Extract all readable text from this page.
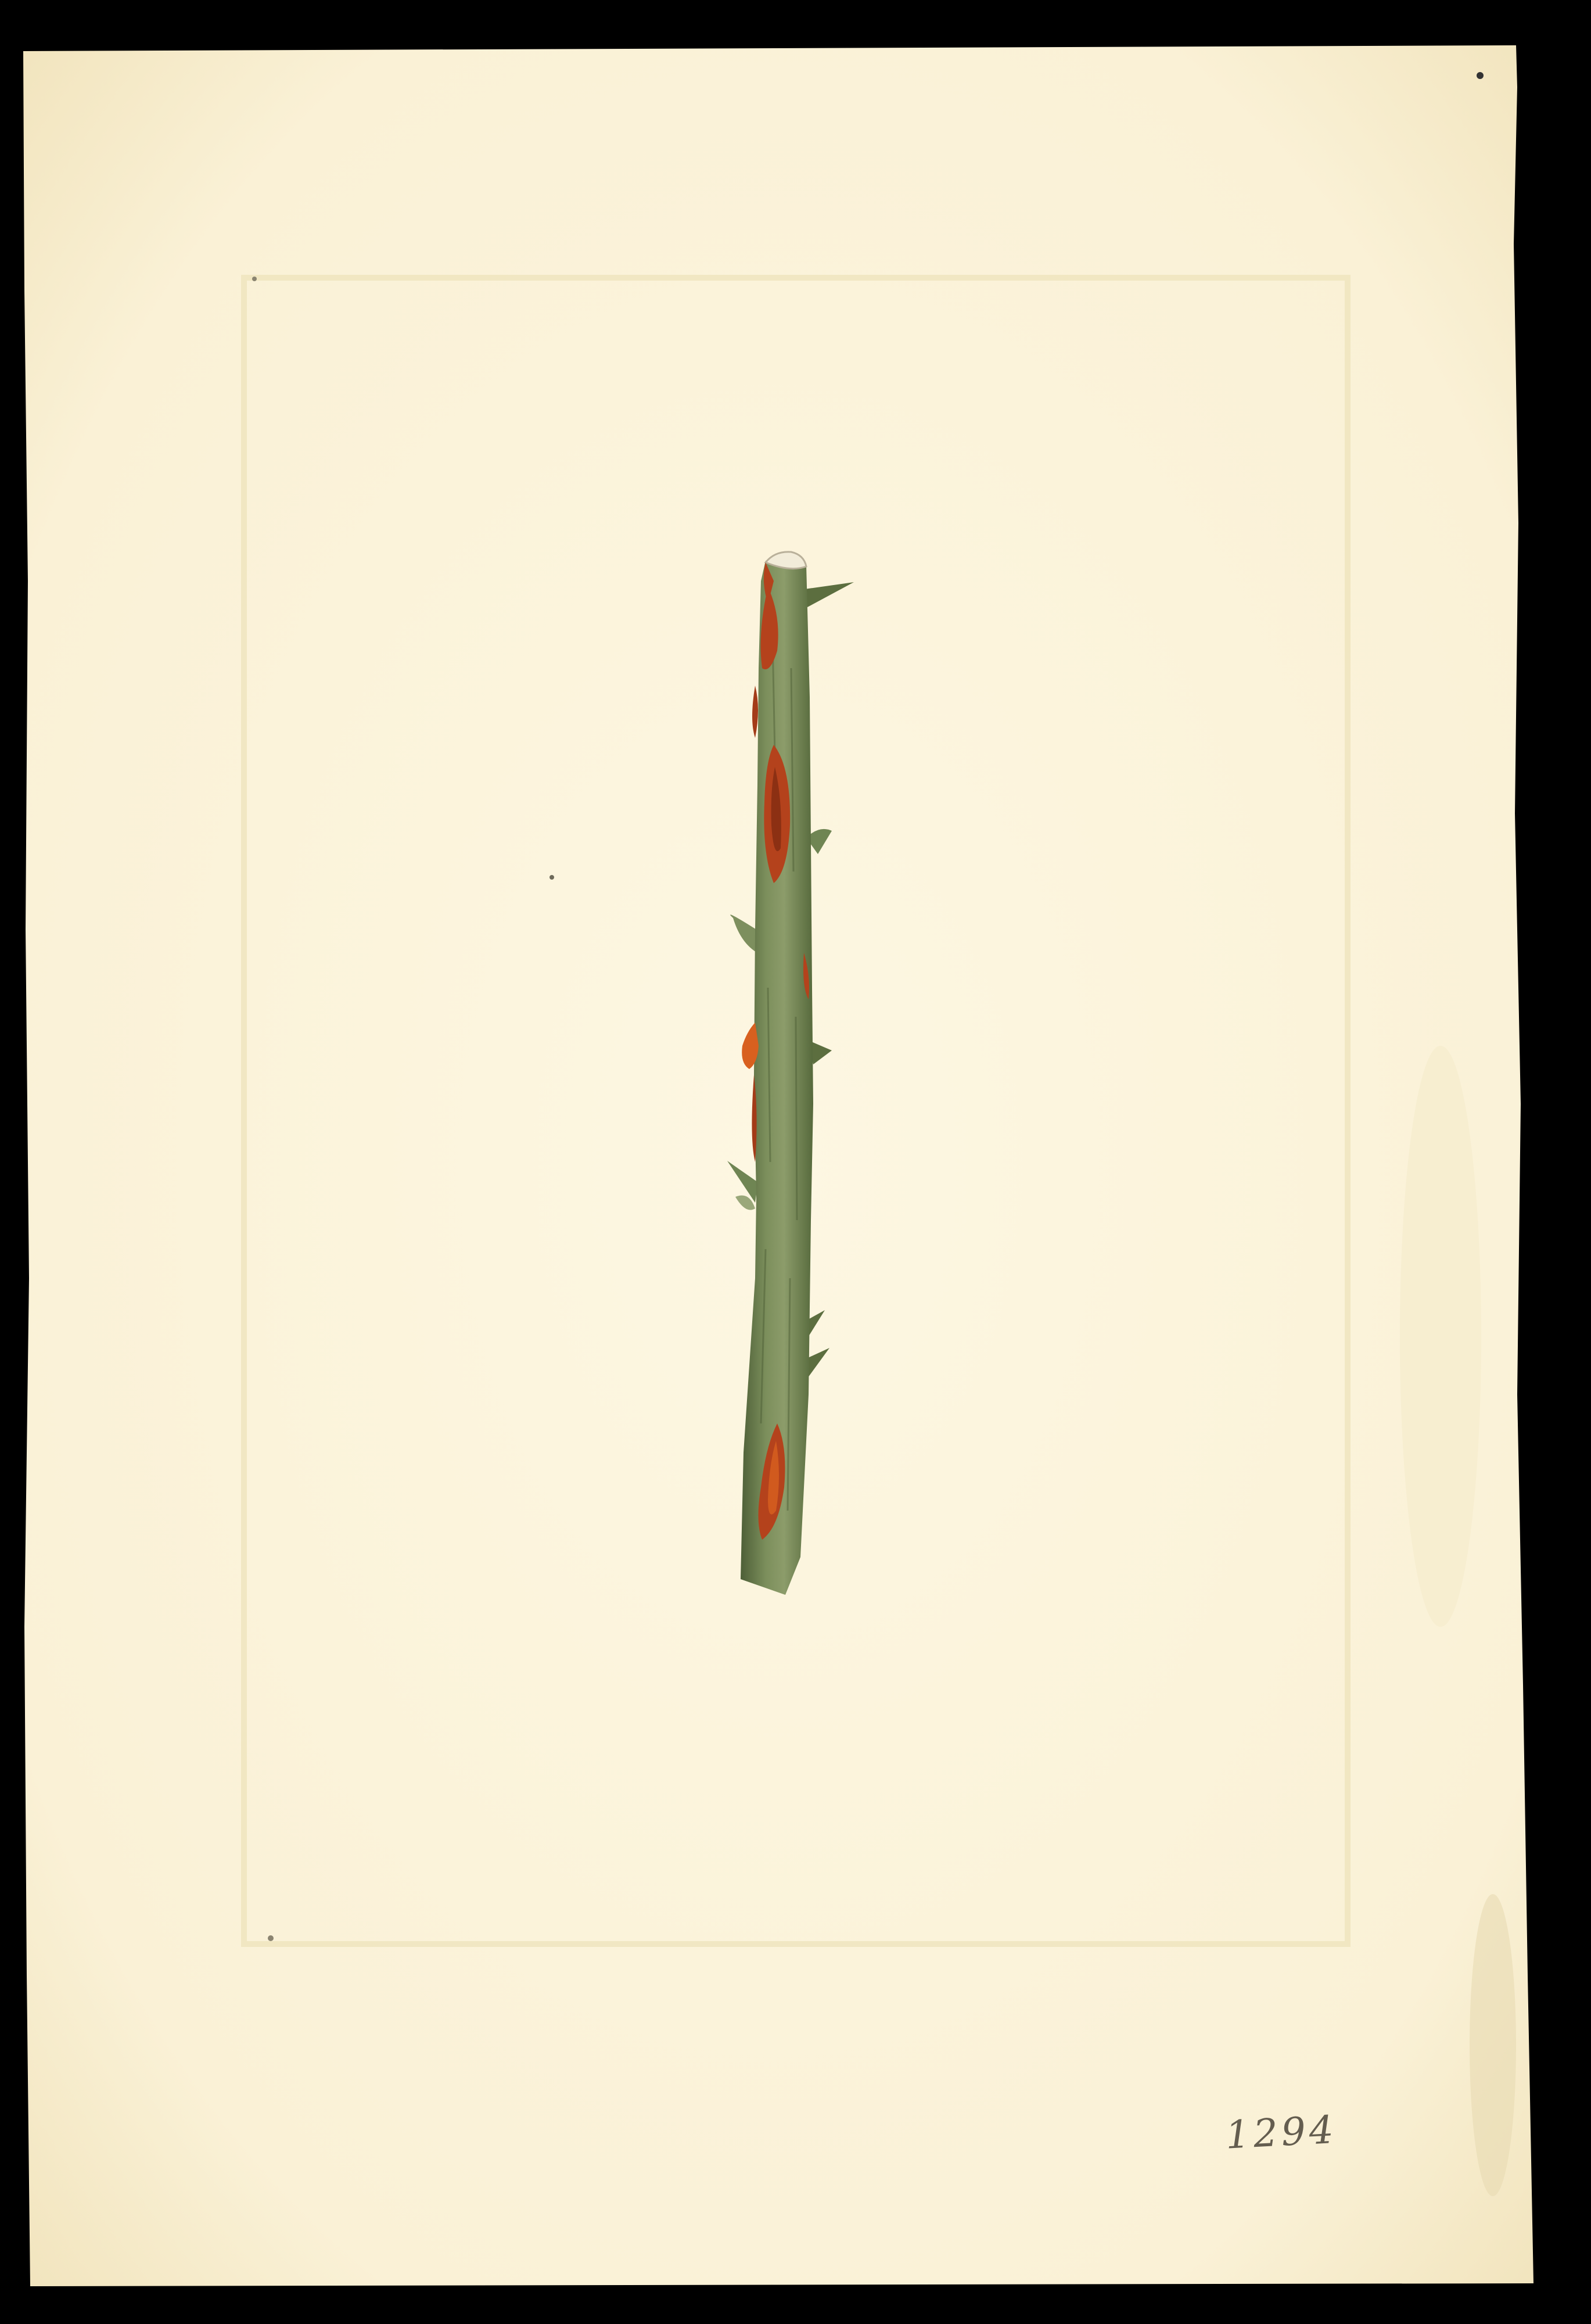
1294
